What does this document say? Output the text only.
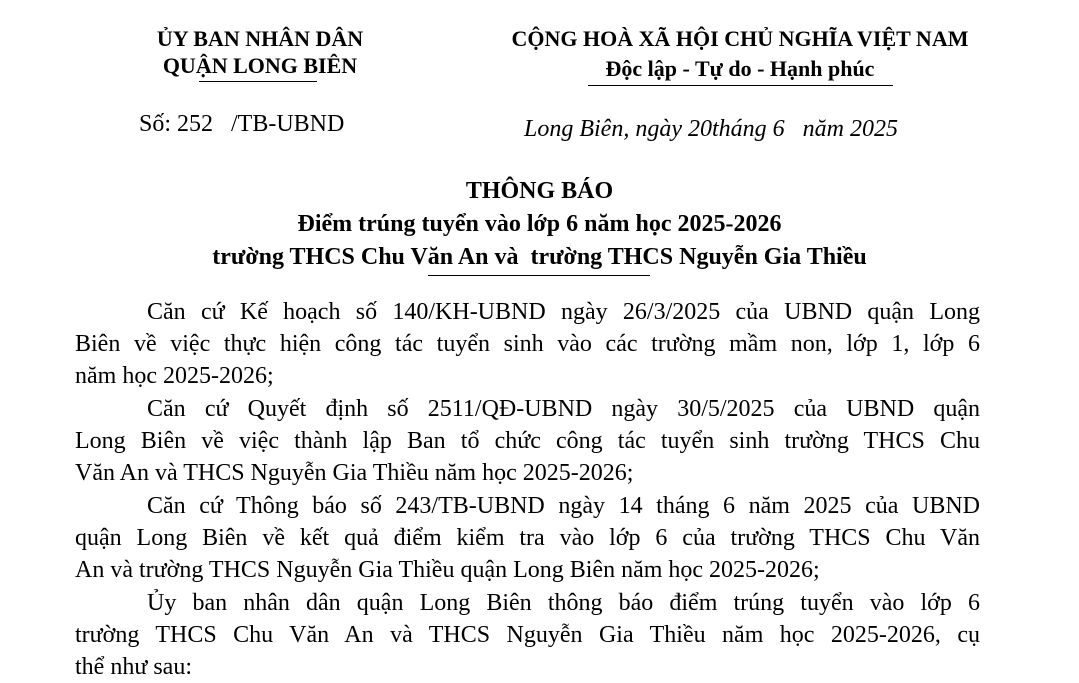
ỦY BAN NHÂN DÂN
QUẬN LONG BIÊN
CỘNG HOÀ XÃ HỘI CHỦ NGHĨA VIỆT NAM
Độc lập - Tự do - Hạnh phúc
Số: 252   /TB-UBND	Long Biên, ngày 20tháng 6   năm 2025
THÔNG BÁO
Điểm trúng tuyển vào lớp 6 năm học 2025-2026
trường THCS Chu Văn An và  trường THCS Nguyễn Gia Thiều
Căn cứ Kế hoạch số 140/KH-UBND ngày 26/3/2025 của UBND quận Long
Biên về việc thực hiện công tác tuyển sinh vào các trường mầm non, lớp 1, lớp 6
năm học 2025-2026;
Căn cứ Quyết định số 2511/QĐ-UBND ngày 30/5/2025 của UBND quận
Long Biên về việc thành lập Ban tổ chức công tác tuyển sinh trường THCS Chu
Văn An và THCS Nguyễn Gia Thiều năm học 2025-2026;
Căn cứ Thông báo số 243/TB-UBND ngày 14 tháng 6 năm 2025 của UBND
quận Long Biên về kết quả điểm kiểm tra vào lớp 6 của trường THCS Chu Văn
An và trường THCS Nguyễn Gia Thiều quận Long Biên năm học 2025-2026;
Ủy ban nhân dân quận Long Biên thông báo điểm trúng tuyển vào lớp 6
trường THCS Chu Văn An và THCS Nguyễn Gia Thiều năm học 2025-2026, cụ
thể như sau:
